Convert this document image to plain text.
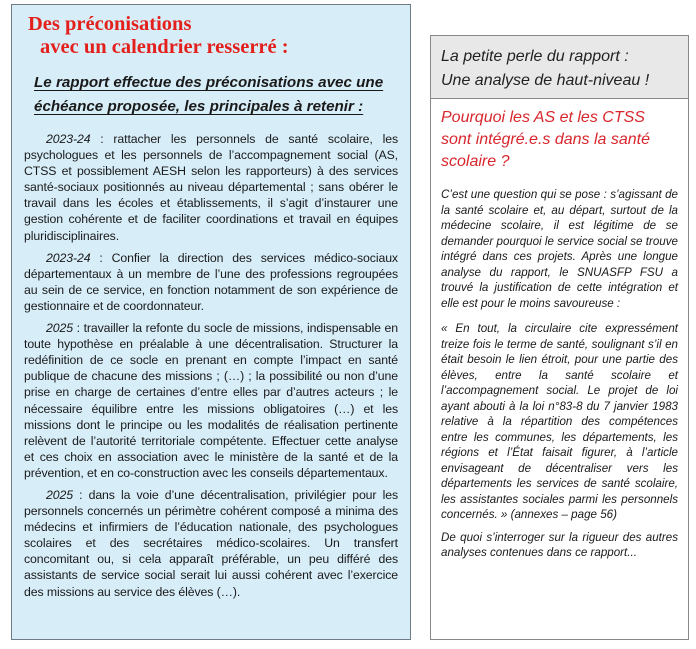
Des préconisations
avec un calendrier resserré :
Le rapport effectue des préconisations avec une échéance proposée, les principales à retenir :

2023-24 : rattacher les personnels de santé scolaire, les psychologues et les personnels de l’accompagnement social (AS, CTSS et possiblement AESH selon les rapporteurs) à des services santé-sociaux positionnés au niveau départemental ; sans obérer le travail dans les écoles et établissements, il s’agit d’instaurer une gestion cohérente et de faciliter coordinations et travail en équipes pluridisciplinaires.

2023-24 : Confier la direction des services médico-sociaux départementaux à un membre de l’une des professions regroupées au sein de ce service, en fonction notamment de son expérience de gestionnaire et de coordonnateur.

2025 : travailler la refonte du socle de missions, indispensable en toute hypothèse en préalable à une décentralisation. Structurer la redéfinition de ce socle en prenant en compte l’impact en santé publique de chacune des missions ; (…) ; la possibilité ou non d’une prise en charge de certaines d’entre elles par d’autres acteurs ; le nécessaire équilibre entre les missions obligatoires (…) et les missions dont le principe ou les modalités de réalisation pertinente relèvent de l’autorité territoriale compétente. Effectuer cette analyse et ces choix en association avec le ministère de la santé et de la prévention, et en co-construction avec les conseils départementaux.

2025 : dans la voie d’une décentralisation, privilégier pour les personnels concernés un périmètre cohérent composé a minima des médecins et infirmiers de l’éducation nationale, des psychologues scolaires et des secrétaires médico-scolaires. Un transfert concomitant ou, si cela apparaît préférable, un peu différé des assistants de service social serait lui aussi cohérent avec l’exercice des missions au service des élèves (…).

La petite perle du rapport :
Une analyse de haut-niveau !

Pourquoi les AS et les CTSS sont intégré.e.s dans la santé scolaire ?

C’est une question qui se pose : s’agissant de la santé scolaire et, au départ, surtout de la médecine scolaire, il est légitime de se demander pourquoi le service social se trouve intégré dans ces projets. Après une longue analyse du rapport, le SNUASFP FSU a trouvé la justification de cette intégration et elle est pour le moins savoureuse :

« En tout, la circulaire cite expressément treize fois le terme de santé, soulignant s’il en était besoin le lien étroit, pour une partie des élèves, entre la santé scolaire et l’accompagnement social. Le projet de loi ayant abouti à la loi n°83-8 du 7 janvier 1983 relative à la répartition des compétences entre les communes, les départements, les régions et l’État faisait figurer, à l’article envisageant de décentraliser vers les départements les services de santé scolaire, les assistantes sociales parmi les personnels concernés. » (annexes – page 56)

De quoi s’interroger sur la rigueur des autres analyses contenues dans ce rapport...
